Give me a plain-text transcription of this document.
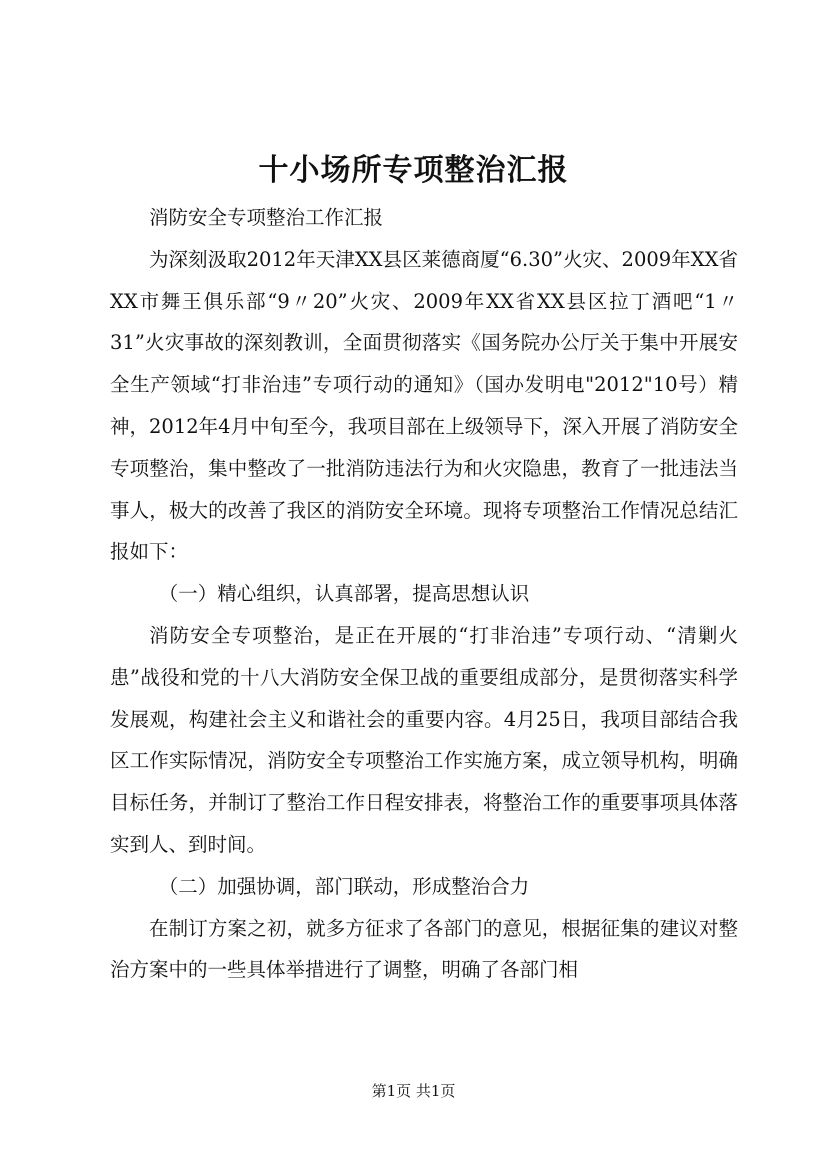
十小场所专项整治汇报

消防安全专项整治工作汇报

为深刻汲取2012年天津XX县区莱德商厦“6.30”火灾、2009年XX省XX市舞王俱乐部“9〃20”火灾、2009年XX省XX县区拉丁酒吧“1〃31”火灾事故的深刻教训，全面贯彻落实《国务院办公厅关于集中开展安全生产领域“打非治违”专项行动的通知》（国办发明电"2012"10号）精神，2012年4月中旬至今，我项目部在上级领导下，深入开展了消防安全专项整治，集中整改了一批消防违法行为和火灾隐患，教育了一批违法当事人，极大的改善了我区的消防安全环境。现将专项整治工作情况总结汇报如下：

（一）精心组织，认真部署，提高思想认识

消防安全专项整治，是正在开展的“打非治违”专项行动、“清剿火患”战役和党的十八大消防安全保卫战的重要组成部分，是贯彻落实科学发展观，构建社会主义和谐社会的重要内容。4月25日，我项目部结合我区工作实际情况，消防安全专项整治工作实施方案，成立领导机构，明确目标任务，并制订了整治工作日程安排表，将整治工作的重要事项具体落实到人、到时间。

（二）加强协调，部门联动，形成整治合力

在制订方案之初，就多方征求了各部门的意见，根据征集的建议对整治方案中的一些具体举措进行了调整，明确了各部门相

第1页 共1页
